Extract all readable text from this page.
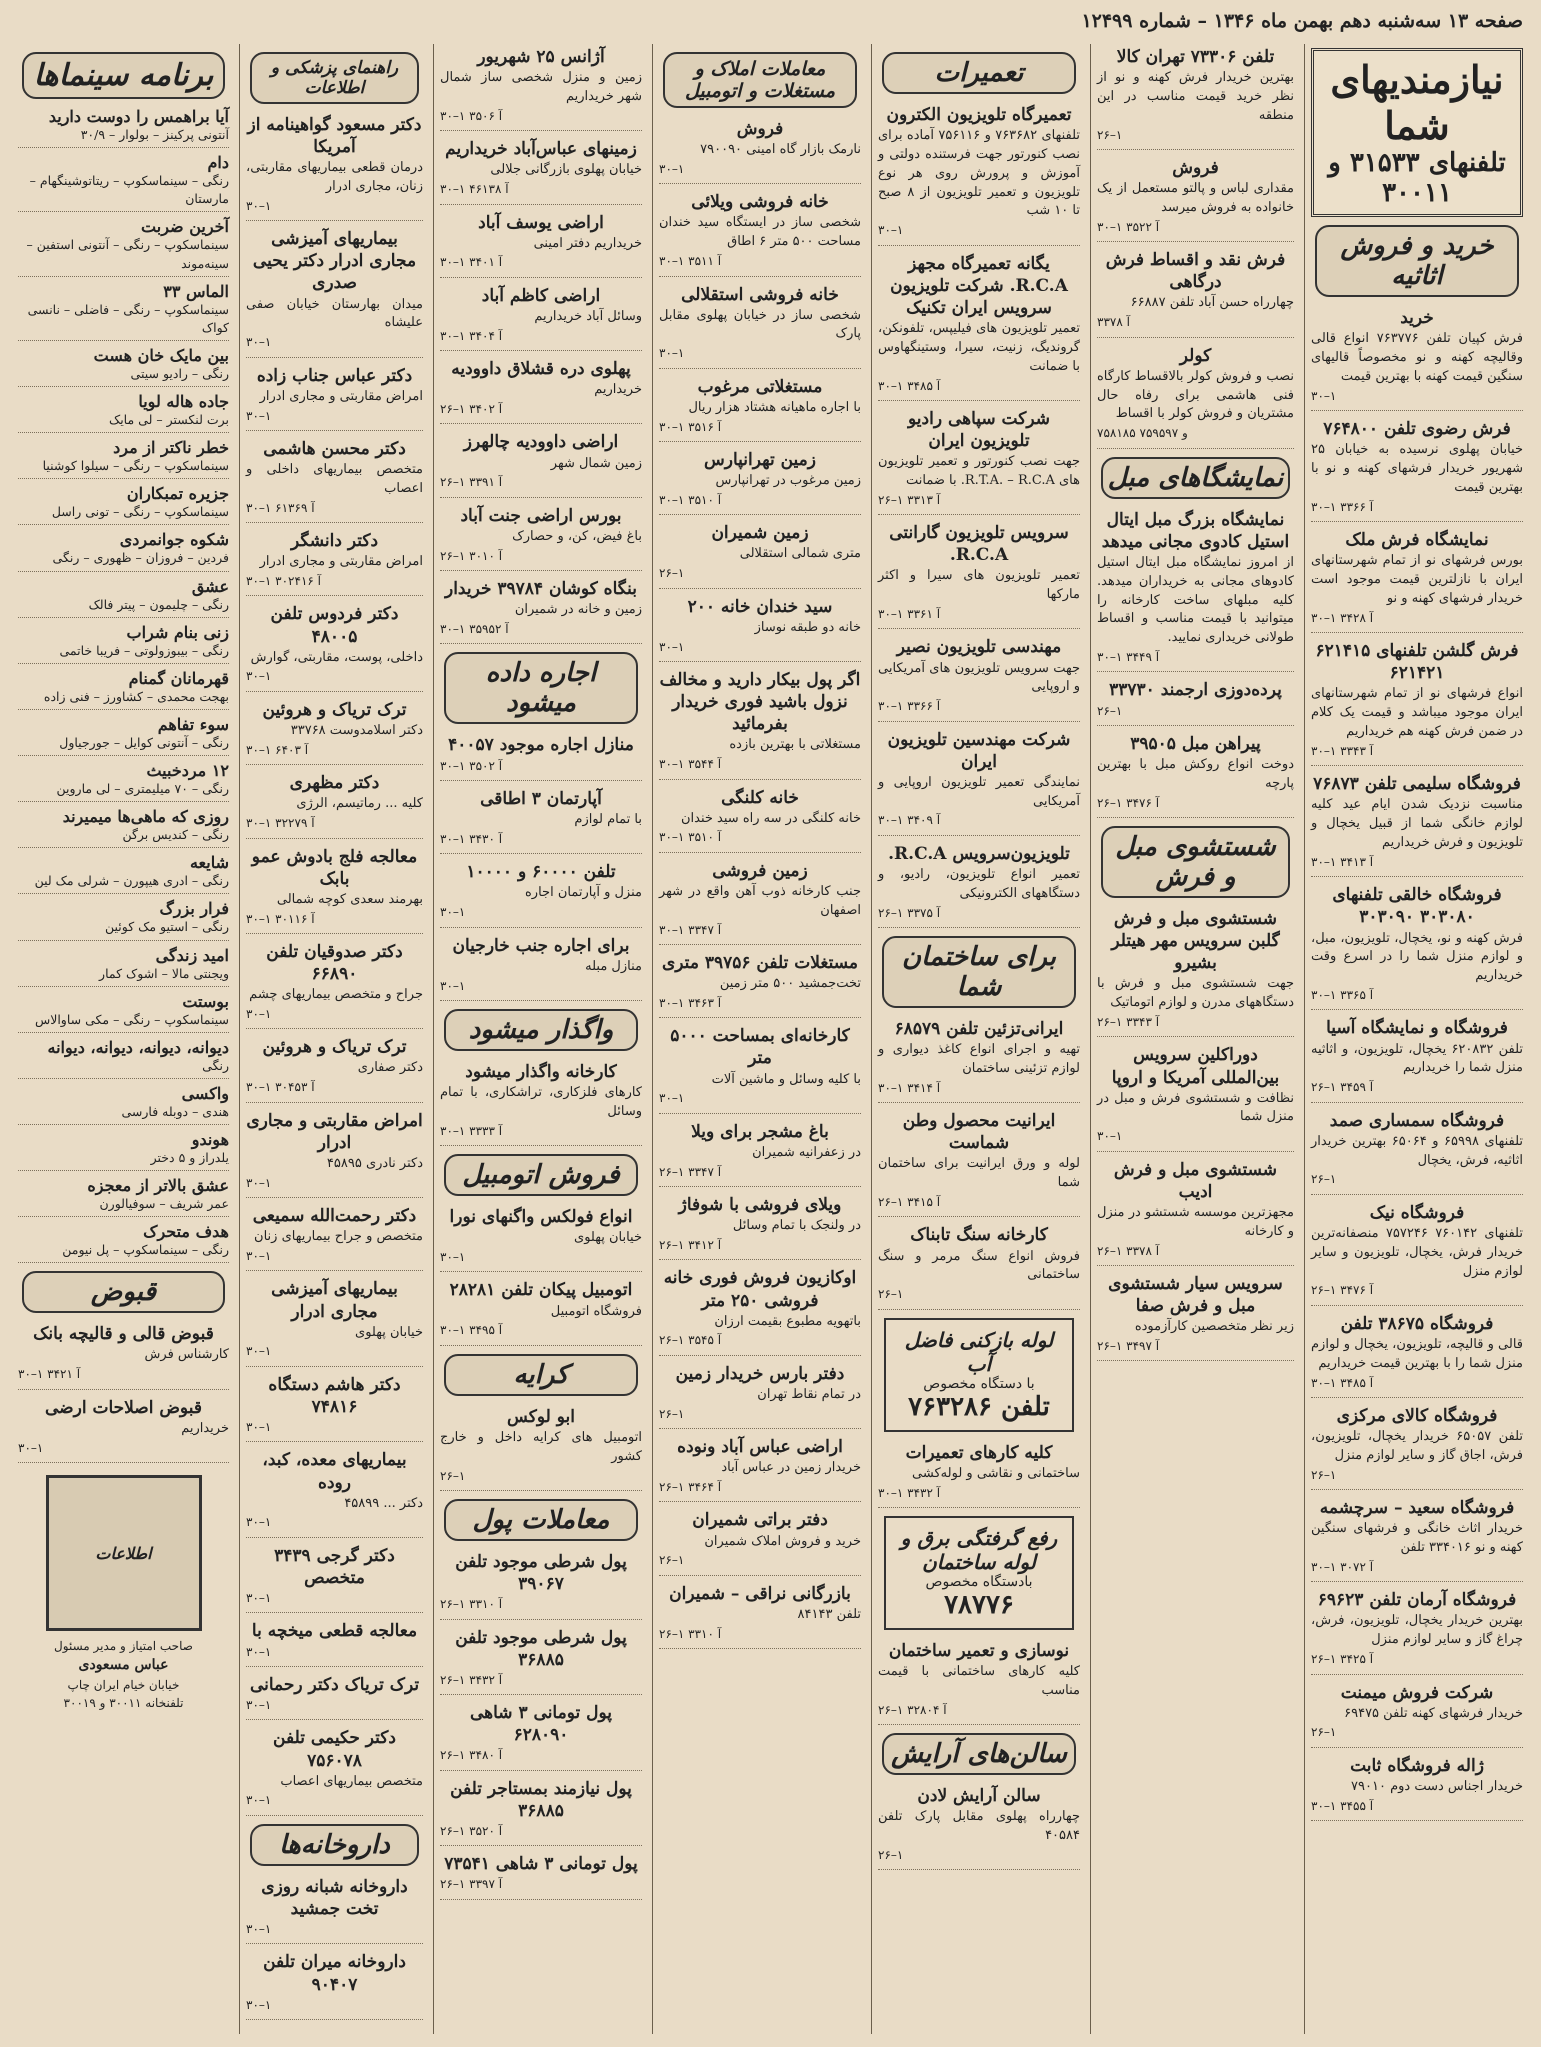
صفحه ۱۳ سه‌شنبه دهم بهمن ماه ۱۳۴۶ – شماره ۱۲۴۹۹
نیازمندیهای شما
تلفنهای ۳۱۵۳۳ و ۳۰۰۱۱
خرید و فروش اثاثیه
خرید

فرش کپیان تلفن ۷۶۳۷۷۶ انواع قالی وقالیچه کهنه و نو مخصوصاً قالیهای سنگین قیمت کهنه با بهترین قیمت

۳۰–۱

فرش رضوی تلفن ۷۶۴۸۰۰

خیابان پهلوی نرسیده به خیابان ۲۵ شهریور خریدار فرشهای کهنه و نو با بهترین قیمت

۳۰–۱ آ ۳۳۶۶

نمایشگاه فرش ملک

بورس فرشهای نو از تمام شهرستانهای ایران با نازلترین قیمت موجود است خریدار فرشهای کهنه و نو

۳۰–۱ آ ۳۴۲۸

فرش گلشن تلفنهای ۶۲۱۴۱۵ ۶۲۱۴۲۱

انواع فرشهای نو از تمام شهرستانهای ایران موجود میباشد و قیمت یک کلام در ضمن فرش کهنه هم خریداریم

۳۰–۱ آ ۳۳۴۳

فروشگاه سلیمی تلفن ۷۶۸۷۳

مناسبت نزدیک شدن ایام عید کلیه لوازم خانگی شما از قبیل یخچال و تلویزیون و فرش خریداریم

۳۰–۱ آ ۳۴۱۳

فروشگاه خالقی تلفنهای ۳۰۳۰۸۰ ۳۰۳۰۹۰

فرش کهنه و نو، یخچال، تلویزیون، مبل، و لوازم منزل شما را در اسرع وقت خریداریم

۳۰–۱ آ ۳۳۶۵

فروشگاه و نمایشگاه آسیا

تلفن ۶۲۰۸۳۲ یخچال، تلویزیون، و اثاثیه منزل شما را خریداریم

۲۶–۱ آ ۳۴۵۹

فروشگاه سمساری صمد

تلفنهای ۶۵۹۹۸ و ۶۵۰۶۴ بهترین خریدار اثاثیه، فرش، یخچال

۲۶–۱

فروشگاه نیک

تلفنهای ۷۶۰۱۴۲ ۷۵۷۲۴۶ منصفانه‌ترین خریدار فرش، یخچال، تلویزیون و سایر لوازم منزل

۲۶–۱ آ ۳۴۷۶

فروشگاه ۳۸۶۷۵ تلفن

قالی و قالیچه، تلویزیون، یخچال و لوازم منزل شما را با بهترین قیمت خریداریم

۳۰–۱ آ ۳۴۸۵

فروشگاه کالای مرکزی

تلفن ۶۵۰۵۷ خریدار یخچال، تلویزیون، فرش، اجاق گاز و سایر لوازم منزل

۲۶–۱

فروشگاه سعید – سرچشمه

خریدار اثاث خانگی و فرشهای سنگین کهنه و نو ۳۳۴۰۱۶ تلفن

۳۰–۱ آ ۳۰۷۲

فروشگاه آرمان تلفن ۶۹۶۲۳

بهترین خریدار یخچال، تلویزیون، فرش، چراغ گاز و سایر لوازم منزل

۲۶–۱ آ ۳۴۲۵

شرکت فروش میمنت

خریدار فرشهای کهنه تلفن ۶۹۴۷۵

۲۶–۱

ژاله فروشگاه ثابت

خریدار اجناس دست دوم ۷۹۰۱۰

۳۰–۱ آ ۳۴۵۵

تلفن ۷۳۳۰۶ تهران کالا

بهترین خریدار فرش کهنه و نو از نظر خرید قیمت مناسب در این منطقه

۲۶–۱

فروش

مقداری لباس و پالتو مستعمل از یک خانواده به فروش میرسد

۳۰–۱ آ ۳۵۲۲

فرش نقد و اقساط فرش درگاهی

چهارراه حسن آباد تلفن ۶۶۸۸۷

آ ۳۳۷۸

کولر

نصب و فروش کولر بالاقساط کارگاه فنی هاشمی برای رفاه حال مشتریان و فروش کولر با اقساط

۷۵۸۱۸۵ و ۷۵۹۵۹۷

نمایشگاهای مبل
نمایشگاه بزرگ مبل ایتال استیل کادوی مجانی میدهد

از امروز نمایشگاه مبل ایتال استیل کادوهای مجانی به خریداران میدهد. کلیه مبلهای ساخت کارخانه را میتوانید با قیمت مناسب و اقساط طولانی خریداری نمایید.

۳۰–۱ آ ۳۴۴۹

پرده‌دوزی ارجمند ۳۳۷۳۰

۲۶–۱

پیراهن مبل ۳۹۵۰۵

دوخت انواع روکش مبل با بهترین پارچه

۲۶–۱ آ ۳۴۷۶

شستشوی مبل و فرش
شستشوی مبل و فرش گلبن سرویس مهر هیتلر بشیرو

جهت شستشوی مبل و فرش با دستگاههای مدرن و لوازم اتوماتیک

۲۶–۱ آ ۳۳۴۳

دوراکلین سرویس بین‌المللی آمریکا و اروپا

نظافت و شستشوی فرش و مبل در منزل شما

۳۰–۱

شستشوی مبل و فرش ادیب

مجهزترین موسسه شستشو در منزل و کارخانه

۲۶–۱ آ ۳۳۷۸

سرویس سیار شستشوی مبل و فرش صفا

زیر نظر متخصصین کارآزموده

۲۶–۱ آ ۳۴۹۷

تعمیرات
تعمیرگاه تلویزیون الکترون

تلفنهای ۷۶۳۶۸۲ و ۷۵۶۱۱۶ آماده برای نصب کنورتور جهت فرستنده دولتی و آموزش و پرورش روی هر نوع تلویزیون و تعمیر تلویزیون از ۸ صبح تا ۱۰ شب

۳۰–۱

یگانه تعمیرگاه مجهز R.C.A. شرکت تلویزیون سرویس ایران تکنیک

تعمیر تلویزیون های فیلیپس، تلفونکن، گروندیگ، زنیت، سیرا، وستینگهاوس با ضمانت

۳۰–۱ آ ۳۴۸۵

شرکت سپاهی رادیو تلویزیون ایران

جهت نصب کنورتور و تعمیر تلویزیون های R.T.A. – R.C.A. با ضمانت

۲۶–۱ آ ۳۳۱۳

سرویس تلویزیون گارانتی R.C.A.

تعمیر تلویزیون های سیرا و اکثر مارکها

۳۰–۱ آ ۳۳۶۱

مهندسی تلویزیون نصیر

جهت سرویس تلویزیون های آمریکایی و اروپایی

۳۰–۱ آ ۳۳۶۶

شرکت مهندسین تلویزیون ایران

نمایندگی تعمیر تلویزیون اروپایی و آمریکایی

۳۰–۱ آ ۳۴۰۹

تلویزیون‌سرویس R.C.A.

تعمیر انواع تلویزیون، رادیو، و دستگاههای الکترونیکی

۲۶–۱ آ ۳۳۷۵

برای ساختمان شما
ایرانی‌تزئین تلفن ۶۸۵۷۹

تهیه و اجرای انواع کاغذ دیواری و لوازم تزئینی ساختمان

۳۰–۱ آ ۳۴۱۴

ایرانیت محصول وطن شماست

لوله و ورق ایرانیت برای ساختمان شما

۲۶–۱ آ ۳۴۱۵

کارخانه سنگ تابناک

فروش انواع سنگ مرمر و سنگ ساختمانی

۲۶–۱

لوله بازکنی فاضل آب
با دستگاه مخصوص
تلفن ۷۶۳۲۸۶
کلیه کارهای تعمیرات

ساختمانی و نقاشی و لوله‌کشی

۳۰–۱ آ ۳۴۳۲

رفع گرفتگی برق و لوله ساختمان
بادستگاه مخصوص
۷۸۷۷۶
نوسازی و تعمیر ساختمان

کلیه کارهای ساختمانی با قیمت مناسب

۲۶–۱ آ ۳۲۸۰۴

سالن‌های آرایش
سالن آرایش لادن

چهارراه پهلوی مقابل پارک تلفن ۴۰۵۸۴

۲۶–۱

معاملات املاک و مستغلات و اتومبیل
فروش

نارمک بازار گاه امینی ۷۹۰۰۹۰

۳۰–۱

خانه فروشی ویلائی

شخصی ساز در ایستگاه سید خندان مساحت ۵۰۰ متر ۶ اطاق

۳۰–۱ آ ۳۵۱۱

خانه فروشی استقلالی

شخصی ساز در خیابان پهلوی مقابل پارک

۳۰–۱

مستغلاتی مرغوب

با اجاره ماهیانه هشتاد هزار ریال

۳۰–۱ آ ۳۵۱۶

زمین تهرانپارس

زمین مرغوب در تهرانپارس

۳۰–۱ آ ۳۵۱۰

زمین شمیران

متری شمالی استقلالی

۲۶–۱

سید خندان خانه ۲۰۰

خانه دو طبقه نوساز

۳۰–۱

اگر پول بیکار دارید و مخالف نزول باشید فوری خریدار بفرمائید

مستغلاتی با بهترین بازده

۳۰–۱ آ ۳۵۴۴

خانه کلنگی

خانه کلنگی در سه راه سید خندان

۳۰–۱ آ ۳۵۱۰

زمین فروشی

جنب کارخانه ذوب آهن واقع در شهر اصفهان

۳۰–۱ آ ۳۳۴۷

مستغلات تلفن ۳۹۷۵۶ متری

تخت‌جمشید ۵۰۰ متر زمین

۳۰–۱ آ ۳۴۶۳

کارخانه‌ای بمساحت ۵۰۰۰ متر

با کلیه وسائل و ماشین آلات

۳۰–۱

باغ مشجر برای ویلا

در زعفرانیه شمیران

۲۶–۱ آ ۳۳۴۷

ویلای فروشی با شوفاژ

در ولنجک با تمام وسائل

۲۶–۱ آ ۳۴۱۲

اوکازیون فروش فوری خانه فروشی ۲۵۰ متر

باتهویه مطبوع بقیمت ارزان

۲۶–۱ آ ۳۵۴۵

دفتر بارس خریدار زمین

در تمام نقاط تهران

۲۶–۱

اراضی عباس آباد ونوده

خریدار زمین در عباس آباد

۲۶–۱ آ ۳۴۶۴

دفتر براتی شمیران

خرید و فروش املاک شمیران

۲۶–۱

بازرگانی نراقی – شمیران

تلفن ۸۴۱۴۳

۲۶–۱ آ ۳۳۱۰

آژانس ۲۵ شهریور

زمین و منزل شخصی ساز شمال شهر خریداریم

۳۰–۱ آ ۳۵۰۶

زمینهای عباس‌آباد خریداریم

خیابان پهلوی بازرگانی جلالی

۳۰–۱ آ ۴۶۱۳۸

اراضی یوسف آباد

خریداریم دفتر امینی

۳۰–۱ آ ۳۴۰۱

اراضی کاظم آباد

وسائل آباد خریداریم

۳۰–۱ آ ۳۴۰۴

پهلوی دره قشلاق داوودیه

خریداریم

۲۶–۱ آ ۳۴۰۲

اراضی داوودیه چالهرز

زمین شمال شهر

۲۶–۱ آ ۳۳۹۱

بورس اراضی جنت آباد

باغ فیض، کن، و حصارک

۲۶–۱ آ ۳۰۱۰

بنگاه کوشان ۳۹۷۸۴ خریدار

زمین و خانه در شمیران

۳۰–۱ آ ۳۵۹۵۲

اجاره داده میشود
منازل اجاره موجود ۴۰۰۵۷

۳۰–۱ آ ۳۵۰۲

آپارتمان ۳ اطاقی

با تمام لوازم

۳۰–۱ آ ۳۴۳۰

تلفن ۶۰۰۰۰ و ۱۰۰۰۰

منزل و آپارتمان اجاره

۳۰–۱

برای اجاره جنب خارجیان

منازل مبله

۳۰–۱

واگذار میشود
کارخانه واگذار میشود

کارهای فلزکاری، تراشکاری، با تمام وسائل

۳۰–۱ آ ۳۳۳۳

فروش اتومبیل
انواع فولکس واگنهای نورا

خیابان پهلوی

۳۰–۱

اتومبیل پیکان تلفن ۲۸۲۸۱

فروشگاه اتومبیل

۳۰–۱ آ ۳۴۹۵

کرایه
ابو لوکس

اتومبیل های کرایه داخل و خارج کشور

۲۶–۱

معاملات پول
پول شرطی موجود تلفن ۳۹۰۶۷

۲۶–۱ آ ۳۳۱۰

پول شرطی موجود تلفن ۳۶۸۸۵

۲۶–۱ آ ۳۴۳۲

پول تومانی ۳ شاهی ۶۲۸۰۹۰

۲۶–۱ آ ۳۴۸۰

پول نیازمند بمستاجر تلفن ۳۶۸۸۵

۲۶–۱ آ ۳۵۲۰

پول تومانی ۳ شاهی ۷۳۵۴۱

۲۶–۱ آ ۳۳۹۷

راهنمای پزشکی و اطلاعات
دکتر مسعود گواهینامه از آمریکا

درمان قطعی بیماریهای مقاربتی، زنان، مجاری ادرار

۳۰–۱

بیماریهای آمیزشی مجاری ادرار دکتر یحیی صدری

میدان بهارستان خیابان صفی علیشاه

۳۰–۱

دکتر عباس جناب زاده

امراض مقاربتی و مجاری ادرار

۳۰–۱

دکتر محسن هاشمی

متخصص بیماریهای داخلی و اعصاب

۳۰–۱ آ ۶۱۳۶۹

دکتر دانشگر

امراض مقاربتی و مجاری ادرار

۳۰–۱ آ ۳۰۲۴۱۶

دکتر فردوس تلفن ۴۸۰۰۵

داخلی، پوست، مقاربتی، گوارش

۳۰–۱

ترک تریاک و هروئین

دکتر اسلامدوست ۳۳۷۶۸

۳۰–۱ آ ۶۴۰۳

دکتر مظهری

کلیه ... رماتیسم، الرژی

۳۰–۱ آ ۳۲۲۷۹

معالجه فلج بادوش عمو بابک

بهرمند سعدی کوچه شمالی

۳۰–۱ آ ۳۰۱۱۶

دکتر صدوقیان تلفن ۶۶۸۹۰

جراح و متخصص بیماریهای چشم

۳۰–۱

ترک تریاک و هروئین

دکتر صفاری

۳۰–۱ آ ۳۰۴۵۳

امراض مقاربتی و مجاری ادرار

دکتر نادری ۴۵۸۹۵

۳۰–۱

دکتر رحمت‌الله سمیعی

متخصص و جراح بیماریهای زنان

۳۰–۱

بیماریهای آمیزشی مجاری ادرار

خیابان پهلوی

۳۰–۱

دکتر هاشم دستگاه ۷۴۸۱۶

۳۰–۱

بیماریهای معده، کبد، روده

دکتر ... ۴۵۸۹۹

۳۰–۱

دکتر گرجی ۳۴۳۹ متخصص

۳۰–۱

معالجه قطعی میخچه با

۳۰–۱

ترک تریاک دکتر رحمانی

۳۰–۱

دکتر حکیمی تلفن ۷۵۶۰۷۸

متخصص بیماریهای اعصاب

۳۰–۱

داروخانه‌ها
داروخانه شبانه روزی تخت جمشید

۳۰–۱

داروخانه میران تلفن ۹۰۴۰۷

۳۰–۱

برنامه سینماها
آیا براهمس را دوست دارید
آنتونی پرکینز – بولوار – ۳۰/۹
دام
رنگی – سینماسکوپ – ریتاتوشینگهام – مارستان
آخرین ضربت
سینماسکوپ – رنگی – آنتونی استفین – سینه‌موند
الماس ۳۳
سینماسکوپ – رنگی – فاضلی – نانسی کواک
بین مایک خان هست
رنگی – رادیو سیتی
جاده هاله لویا
برت لنکستر – لی مایک
خطر ناکتر از مرد
سینماسکوپ – رنگی – سیلوا کوشنیا
جزیره تمبکاران
سینماسکوپ – رنگی – تونی راسل
شکوه جوانمردی
فردین – فروزان – ظهوری – رنگی
عشق
رنگی – چلیمون – پیتر فالک
زنی بنام شراب
رنگی – بیبوزولوتی – فریبا خاتمی
قهرمانان گمنام
بهجت محمدی – کشاورز – فنی زاده
سوء تفاهم
رنگی – آنتونی کوایل – جورجیاول
۱۲ مردخبیث
رنگی – ۷۰ میلیمتری – لی ماروین
روزی که ماهی‌ها میمیرند
رنگی – کندیس برگن
شایعه
رنگی – ادری هیپورن – شرلی مک لین
فرار بزرگ
رنگی – استیو مک کوئین
امید زندگی
ویجنتی مالا – اشوک کمار
بوستت
سینماسکوپ – رنگی – مکی ساوالاس
دیوانه، دیوانه، دیوانه، دیوانه
رنگی
واکسی
هندی – دوبله فارسی
هوندو
یلدراز و ۵ دختر
عشق بالاتر از معجزه
عمر شریف – سوفیالورن
هدف متحرک
رنگی – سینماسکوپ – پل نیومن
قبوض
قبوض قالی و قالیچه بانک

کارشناس فرش

۳۰–۱ آ ۳۴۲۱

قبوض اصلاحات ارضی

خریداریم

۳۰–۱

اطلاعات
صاحب امتیاز و مدیر مسئول
عباس مسعودی
خیابان خیام ایران چاپ
تلفنخانه ۳۰۰۱۱ و ۳۰۰۱۹
